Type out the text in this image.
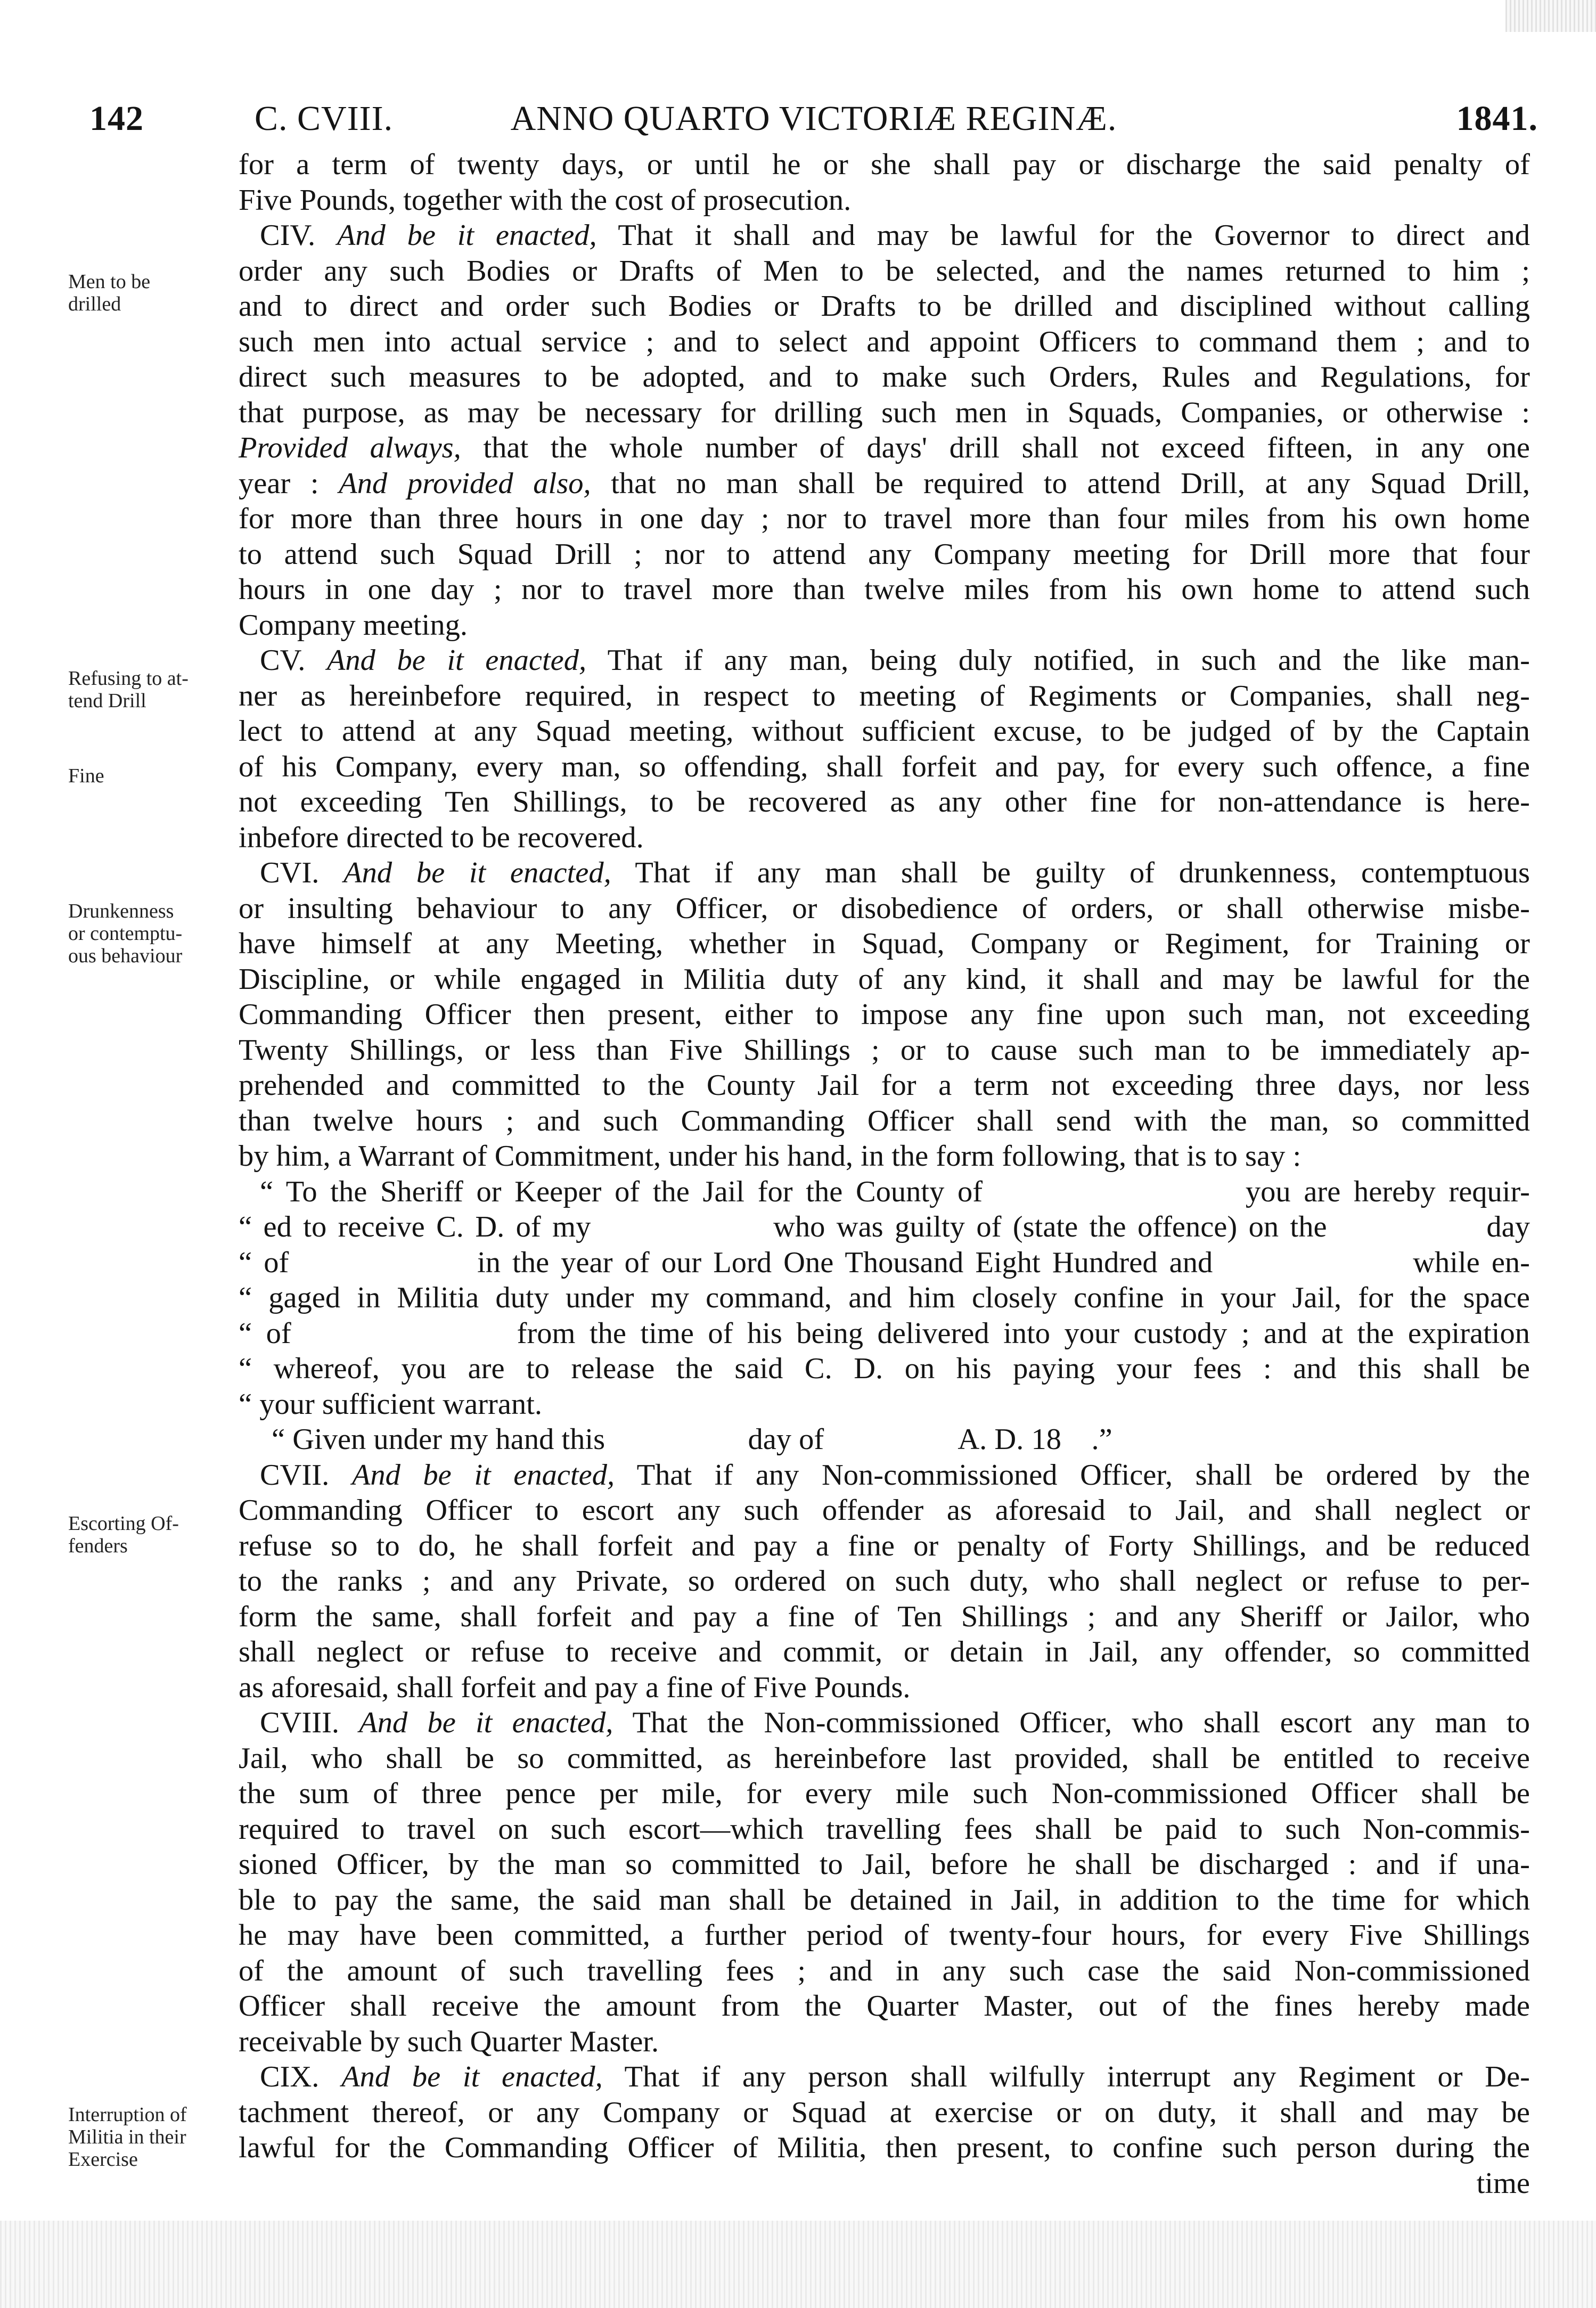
142	C. CVIII.	ANNO QUARTO VICTORIÆ REGINÆ.	1841.
Men to be
drilled
Refusing to at-
tend Drill
Fine
Drunkenness
or contemptu-
ous behaviour
Escorting Of-
fenders
Interruption of
Militia in their
Exercise

for a term of twenty days, or until he or she shall pay or discharge the said penalty of

Five Pounds, together with the cost of prosecution.

CIV. And be it enacted, That it shall and may be lawful for the Governor to direct and

order any such Bodies or Drafts of Men to be selected, and the names returned to him ;

and to direct and order such Bodies or Drafts to be drilled and disciplined without calling

such men into actual service ; and to select and appoint Officers to command them ; and to

direct such measures to be adopted, and to make such Orders, Rules and Regulations, for

that purpose, as may be necessary for drilling such men in Squads, Companies, or otherwise :

Provided always, that the whole number of days' drill shall not exceed fifteen, in any one

year : And provided also, that no man shall be required to attend Drill, at any Squad Drill,

for more than three hours in one day ; nor to travel more than four miles from his own home

to attend such Squad Drill ; nor to attend any Company meeting for Drill more that four

hours in one day ; nor to travel more than twelve miles from his own home to attend such

Company meeting.

CV. And be it enacted, That if any man, being duly notified, in such and the like man-

ner as hereinbefore required, in respect to meeting of Regiments or Companies, shall neg-

lect to attend at any Squad meeting, without sufficient excuse, to be judged of by the Captain

of his Company, every man, so offending, shall forfeit and pay, for every such offence, a fine

not exceeding Ten Shillings, to be recovered as any other fine for non-attendance is here-

inbefore directed to be recovered.

CVI. And be it enacted, That if any man shall be guilty of drunkenness, contemptuous

or insulting behaviour to any Officer, or disobedience of orders, or shall otherwise misbe-

have himself at any Meeting, whether in Squad, Company or Regiment, for Training or

Discipline, or while engaged in Militia duty of any kind, it shall and may be lawful for the

Commanding Officer then present, either to impose any fine upon such man, not exceeding

Twenty Shillings, or less than Five Shillings ; or to cause such man to be immediately ap-

prehended and committed to the County Jail for a term not exceeding three days, nor less

than twelve hours ; and such Commanding Officer shall send with the man, so committed

by him, a Warrant of Commitment, under his hand, in the form following, that is to say :

“ To the Sheriff or Keeper of the Jail for the County of                    you are hereby requir-

“ ed to receive C. D. of my                who was guilty of (state the offence) on the              day

“ of                in the year of our Lord One Thousand Eight Hundred and                 while en-

“ gaged in Militia duty under my command, and him closely confine in your Jail, for the space

“ of                from the time of his being delivered into your custody ; and at the expiration

“ whereof, you are to release the said C. D. on his paying your fees : and this shall be

“ your sufficient warrant.

“ Given under my hand this                   day of                  A. D. 18    .”

CVII. And be it enacted, That if any Non-commissioned Officer, shall be ordered by the

Commanding Officer to escort any such offender as aforesaid to Jail, and shall neglect or

refuse so to do, he shall forfeit and pay a fine or penalty of Forty Shillings, and be reduced

to the ranks ; and any Private, so ordered on such duty, who shall neglect or refuse to per-

form the same, shall forfeit and pay a fine of Ten Shillings ; and any Sheriff or Jailor, who

shall neglect or refuse to receive and commit, or detain in Jail, any offender, so committed

as aforesaid, shall forfeit and pay a fine of Five Pounds.

CVIII. And be it enacted, That the Non-commissioned Officer, who shall escort any man to

Jail, who shall be so committed, as hereinbefore last provided, shall be entitled to receive

the sum of three pence per mile, for every mile such Non-commissioned Officer shall be

required to travel on such escort—which travelling fees shall be paid to such Non-commis-

sioned Officer, by the man so committed to Jail, before he shall be discharged : and if una-

ble to pay the same, the said man shall be detained in Jail, in addition to the time for which

he may have been committed, a further period of twenty-four hours, for every Five Shillings

of the amount of such travelling fees ; and in any such case the said Non-commissioned

Officer shall receive the amount from the Quarter Master, out of the fines hereby made

receivable by such Quarter Master.

CIX. And be it enacted, That if any person shall wilfully interrupt any Regiment or De-

tachment thereof, or any Company or Squad at exercise or on duty, it shall and may be

lawful for the Commanding Officer of Militia, then present, to confine such person during the

time
